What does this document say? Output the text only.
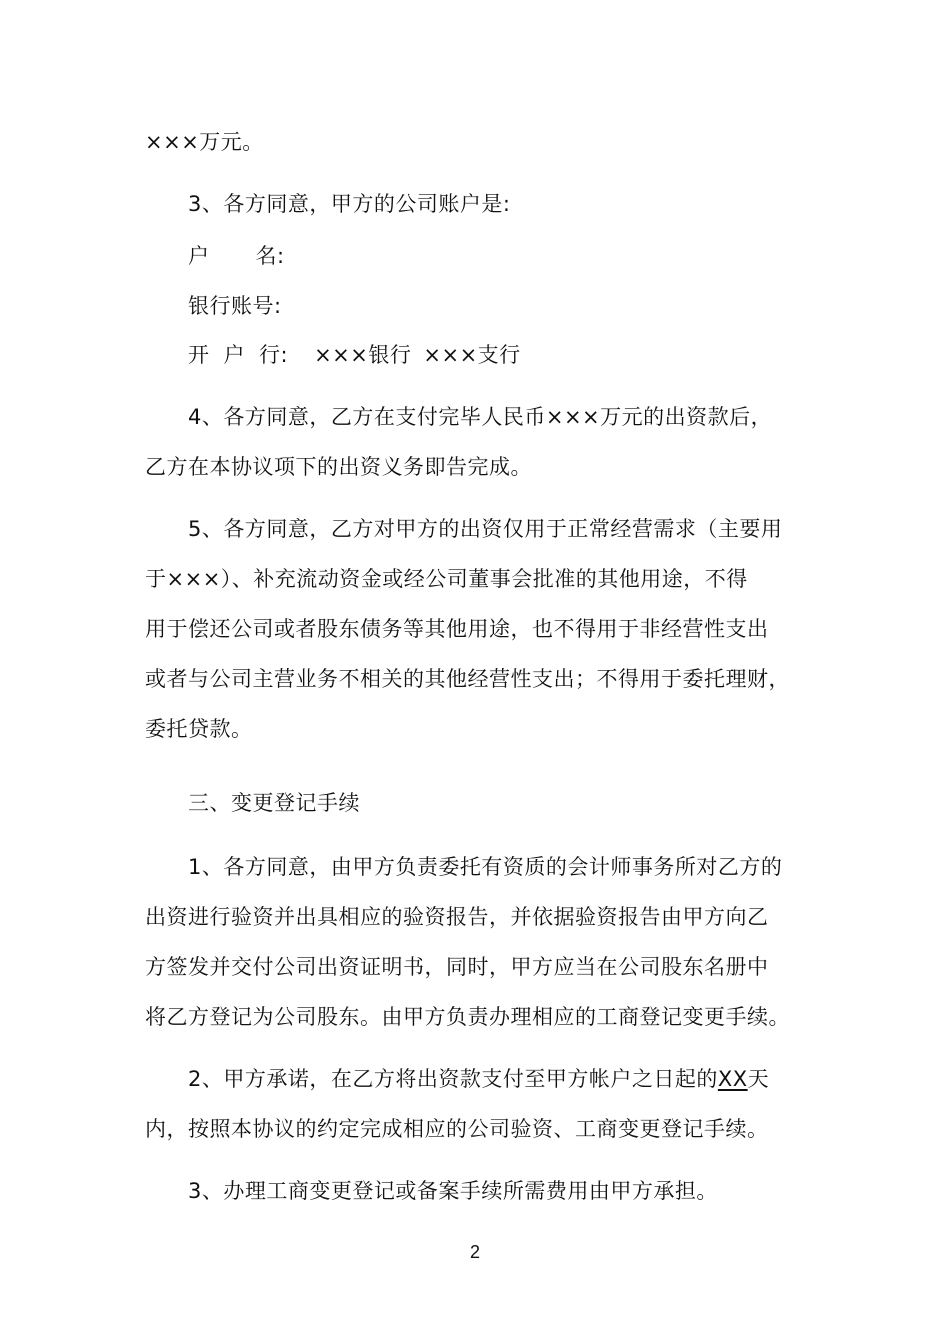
×××万元。
3、各方同意，甲方的公司账户是:
户 名:
银行账号:
开 户 行: ×××银行 ×××支行
4、各方同意，乙方在支付完毕人民币×××万元的出资款后，
乙方在本协议项下的出资义务即告完成。
5、各方同意，乙方对甲方的出资仅用于正常经营需求（主要用
于×××）、补充流动资金或经公司董事会批准的其他用途，不得
用于偿还公司或者股东债务等其他用途，也不得用于非经营性支出
或者与公司主营业务不相关的其他经营性支出；不得用于委托理财，
委托贷款。
三、变更登记手续
1、各方同意，由甲方负责委托有资质的会计师事务所对乙方的
出资进行验资并出具相应的验资报告，并依据验资报告由甲方向乙
方签发并交付公司出资证明书，同时，甲方应当在公司股东名册中
将乙方登记为公司股东。由甲方负责办理相应的工商登记变更手续。
2、甲方承诺，在乙方将出资款支付至甲方帐户之日起的XX天
内，按照本协议的约定完成相应的公司验资、工商变更登记手续。
3、办理工商变更登记或备案手续所需费用由甲方承担。
2
